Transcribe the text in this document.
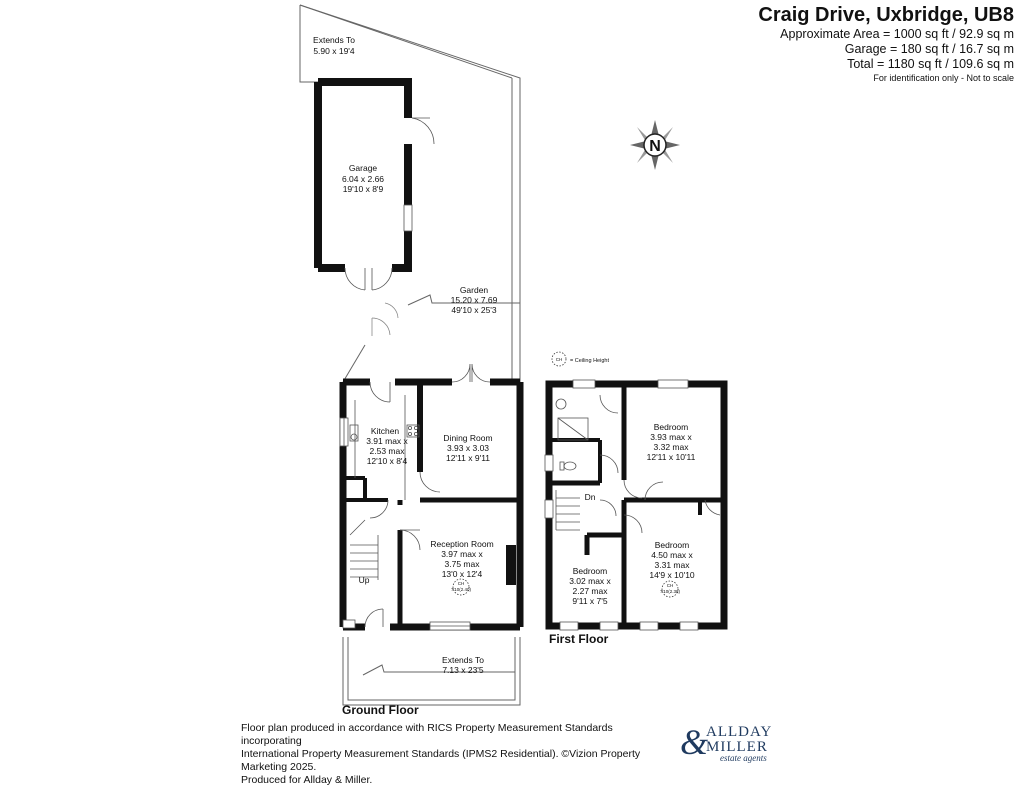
Craig Drive, Uxbridge, UB8
Approximate Area = 1000 sq ft / 92.9 sq m
Garage = 180 sq ft / 16.7 sq m
Total = 1180 sq ft / 109.6 sq m
For identification only - Not to scale
N
CH = Ceiling Height
Extends To
5.90 x 19'4
Garage
6.04 x 2.66
19'10 x 8'9
Garden
15.20 x 7.69
49'10 x 25'3
Kitchen
3.91 max x
2.53 max
12'10 x 8'4
Dining Room
3.93 x 3.03
12'11 x 9'11
Reception Room
3.97 max x
3.75 max
13'0 x 12'4
CH
7'10(2.40)
Up
Extends To
7.13 x 23'5
Ground Floor
Bedroom
3.93 max x
3.32 max
12'11 x 10'11
Bedroom
4.50 max x
3.31 max
14'9 x 10'10
CH
7'10(2.38)
Bedroom
3.02 max x
2.27 max
9'11 x 7'5
Dn
First Floor
Floor plan produced in accordance with RICS Property Measurement Standards incorporating
International Property Measurement Standards (IPMS2 Residential). ©Vizion Property Marketing 2025.
Produced for Allday & Miller.
&
ALLDAY
MILLER
estate agents
